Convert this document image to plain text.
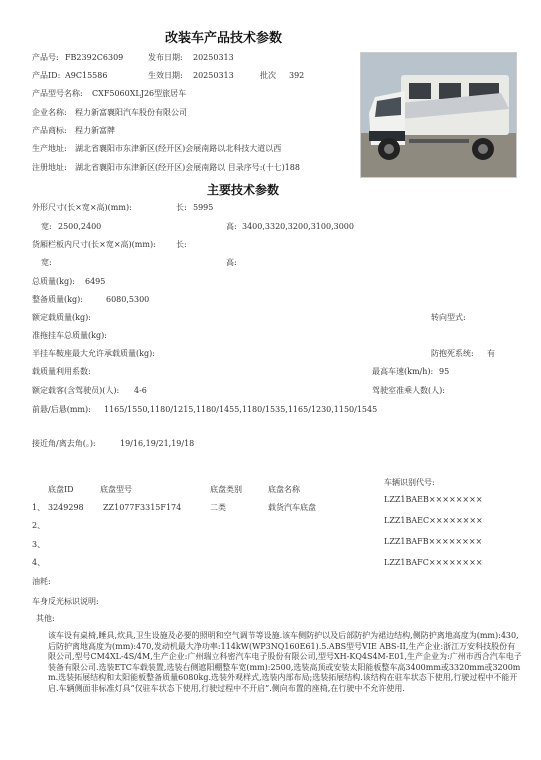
改装车产品技术参数
产品号: FB2392C6309	发布日期: 20250313
产品ID: A9C15586	生效日期: 20250313	批次 392
产品型号名称: CXF5060XLJ26型旅居车
企业名称: 程力新富襄阳汽车股份有限公司
产品商标: 程力新富牌
生产地址: 湖北省襄阳市东津新区(经开区)会展南路以北科技大道以西
注册地址: 湖北省襄阳市东津新区(经开区)会展南路以 目录序号:(十七)188
主要技术参数
外形尺寸(长×宽×高)(mm):	长: 5995
宽: 2500,2400	高: 3400,3320,3200,3100,3000
货厢栏板内尺寸(长×宽×高)(mm):	长:
宽:	高:
总质量(kg): 6495
整备质量(kg):	6080,5300
额定载质量(kg):	转向型式:
准拖挂车总质量(kg):
半挂车鞍座最大允许承载质量(kg):	防抱死系统: 有
载质量利用系数:	最高车速(km/h): 95
额定载客(含驾驶员)(人): 4-6	驾驶室准乘人数(人):
前悬/后悬(mm): 1165/1550,1180/1215,1180/1455,1180/1535,1165/1230,1150/1545
接近角/离去角(。):	19/16,19/21,19/18
底盘ID	底盘型号	底盘类别	底盘名称
1、 3249298 ZZ1077F3315F174	二类	载货汽车底盘
2、
3、
4、
车辆识别代号:
LZZ1BAEB××××××××
LZZ1BAEC××××××××
LZZ1BAFB××××××××
LZZ1BAFC××××××××
油耗:
车身反光标识说明:
其他:
该车设有桌椅,睡具,炊具,卫生设施及必要的照明和空气调节等设施.该车侧防护以及后部防护为裙边结构,侧防护离地高度为(mm):430,后防护离地高度为(mm):470,发动机最大净功率:114kW(WP3NQ160E61).5.ABS型号VIE ABS-II,生产企业:浙江万安科技股份有限公司,型号CM4XL-4S/4M,生产企业:广州瑞立科密汽车电子股份有限公司,型号XH-KQ4S4M-E01,生产企业为:广州市西合汽车电子装备有限公司.选装ETC车载装置,选装右侧遮阳棚整车宽(mm):2500,选装高顶或安装太阳能板整车高3400mm或3320mm或3200mm.选装拓展结构和太阳能板整备质量6080kg.选装外观样式,选装内部布局;选装拓展结构.该结构在驻车状态下使用,行驶过程中不能开启.车辆侧面非标准灯具“仅驻车状态下使用,行驶过程中不开启”.侧向布置的座椅,在行驶中不允许使用.
